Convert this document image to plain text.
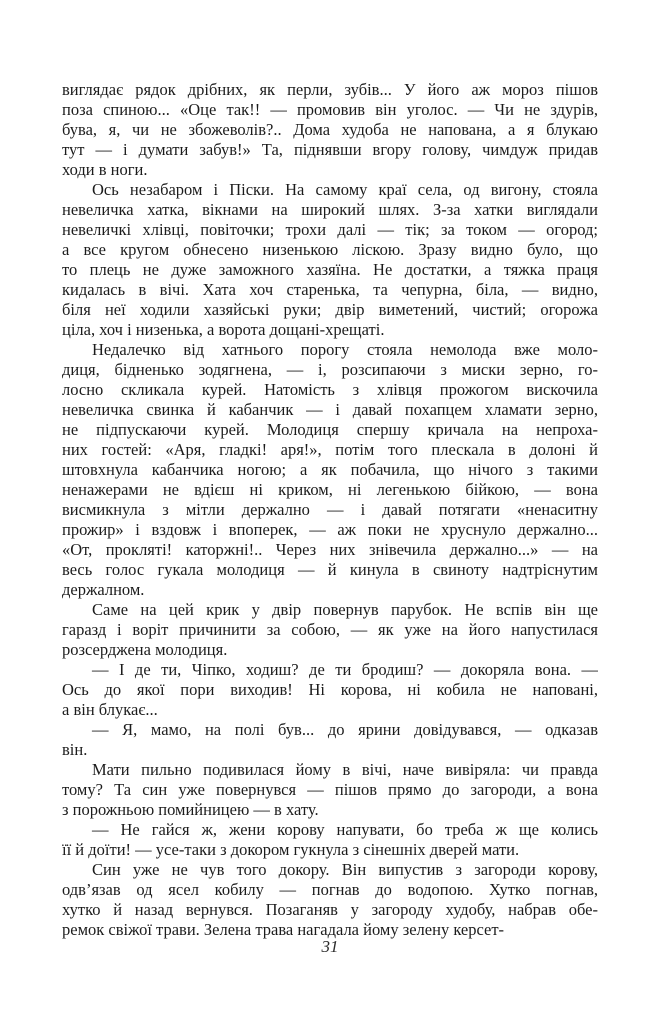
виглядає рядок дрібних, як перли, зубів... У його аж мороз пішов
поза спиною... «Оце так!! — промовив він уголос. — Чи не здурів,
бува, я, чи не збожеволів?.. Дома худоба не напована, а я блукаю
тут — і думати забув!» Та, піднявши вгору голову, чимдуж придав
ходи в ноги.
Ось незабаром і Піски. На самому краї села, од вигону, стояла
невеличка хатка, вікнами на широкий шлях. З-за хатки виглядали
невеличкі хлівці, повіточки; трохи далі — тік; за током — огород;
а все кругом обнесено низенькою ліскою. Зразу видно було, що
то плець не дуже заможного хазяїна. Не достатки, а тяжка праця
кидалась в вічі. Хата хоч старенька, та чепурна, біла, — видно,
біля неї ходили хазяйські руки; двір виметений, чистий; огорожа
ціла, хоч і низенька, а ворота дощані-хрещаті.
Недалечко від хатнього порогу стояла немолода вже моло-
диця, бідненько зодягнена, — і, розсипаючи з миски зерно, го-
лосно скликала курей. Натомість з хлівця прожогом вискочила
невеличка свинка й кабанчик — і давай похапцем хламати зерно,
не підпускаючи курей. Молодиця спершу кричала на непроха-
них гостей: «Аря, гладкі! аря!», потім того плескала в долоні й
штовхнула кабанчика ногою; а як побачила, що нічого з такими
ненажерами не вдієш ні криком, ні легенькою бійкою, — вона
висмикнула з мітли держално — і давай потягати «ненаситну
прожир» і вздовж і впоперек, — аж поки не хруснуло держално...
«От, прокляті! каторжні!.. Через них знівечила держално...» — на
весь голос гукала молодиця — й кинула в свиноту надтріснутим
держалном.
Саме на цей крик у двір повернув парубок. Не вспів він ще
гаразд і воріт причинити за собою, — як уже на його напустилася
розсерджена молодиця.
— І де ти, Чіпко, ходиш? де ти бродиш? — докоряла вона. —
Ось до якої пори виходив! Ні корова, ні кобила не наповані,
а він блукає...
— Я, мамо, на полі був... до ярини довідувався, — одказав
він.
Мати пильно подивилася йому в вічі, наче вивіряла: чи правда
тому? Та син уже повернувся — пішов прямо до загороди, а вона
з порожньою помийницею — в хату.
— Не гайся ж, жени корову напувати, бо треба ж ще колись
її й доїти! — усе-таки з докором гукнула з сінешніх дверей мати.
Син уже не чув того докору. Він випустив з загороди корову,
одв’язав од ясел кобилу — погнав до водопою. Хутко погнав,
хутко й назад вернувся. Позаганяв у загороду худобу, набрав обе-
ремок свіжої трави. Зелена трава нагадала йому зелену керсет-
31
